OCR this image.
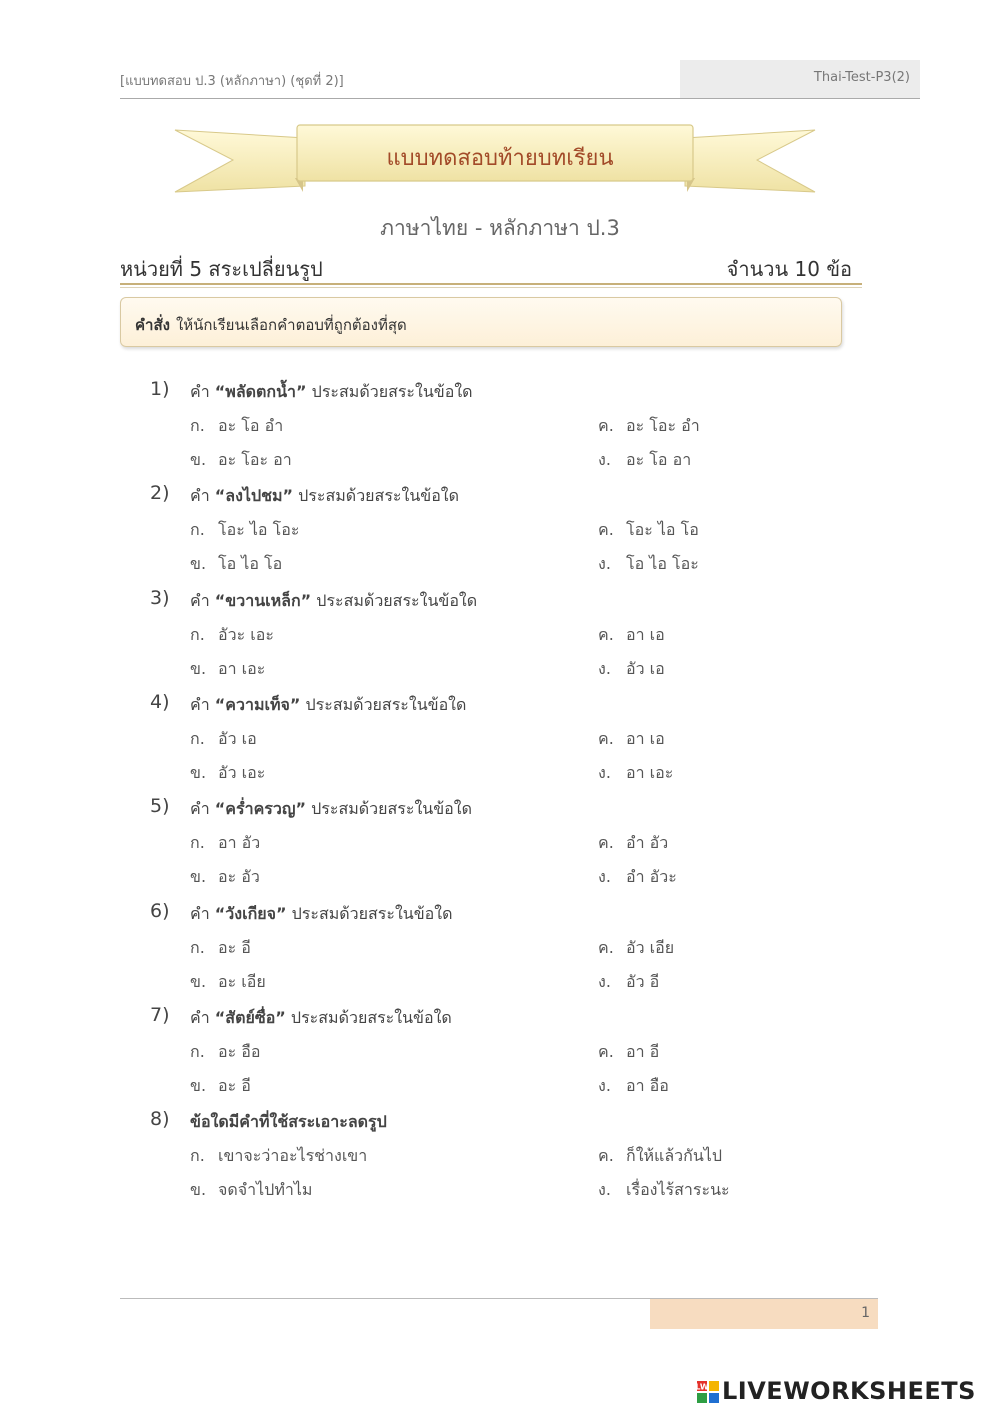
[แบบทดสอบ ป.3 (หลักภาษา) (ชุดที่ 2)]	Thai-Test-P3(2)
แบบทดสอบท้ายบทเรียน
ภาษาไทย - หลักภาษา ป.3
หน่วยที่ 5 สระเปลี่ยนรูป	จำนวน 10 ข้อ
คำสั่ง ให้นักเรียนเลือกคำตอบที่ถูกต้องที่สุด
1) คำ “พลัดตกน้ำ” ประสมด้วยสระในข้อใด
ก. อะ โอ อำ
ข. อะ โอะ อา
ค. อะ โอะ อำ
ง. อะ โอ อา
2) คำ “ลงไปชม” ประสมด้วยสระในข้อใด
ก. โอะ ไอ โอะ
ข. โอ ไอ โอ
ค. โอะ ไอ โอ
ง. โอ ไอ โอะ
3) คำ “ขวานเหล็ก” ประสมด้วยสระในข้อใด
ก. อัวะ เอะ
ข. อา เอะ
ค. อา เอ
ง. อัว เอ
4) คำ “ความเท็จ” ประสมด้วยสระในข้อใด
ก. อัว เอ
ข. อัว เอะ
ค. อา เอ
ง. อา เอะ
5) คำ “คร่ำครวญ” ประสมด้วยสระในข้อใด
ก. อา อัว
ข. อะ อัว
ค. อำ อัว
ง. อำ อัวะ
6) คำ “วังเกียจ” ประสมด้วยสระในข้อใด
ก. อะ อี
ข. อะ เอีย
ค. อัว เอีย
ง. อัว อี
7) คำ “สัตย์ซื่อ” ประสมด้วยสระในข้อใด
ก. อะ อือ
ข. อะ อี
ค. อา อี
ง. อา อือ
8) ข้อใดมีคำที่ใช้สระเอาะลดรูป
ก. เขาจะว่าอะไรช่างเขา
ข. จดจำไปทำไม
ค. ก็ให้แล้วกันไป
ง. เรื่องไร้สาระนะ
1
LW LIVEWORKSHEETS
